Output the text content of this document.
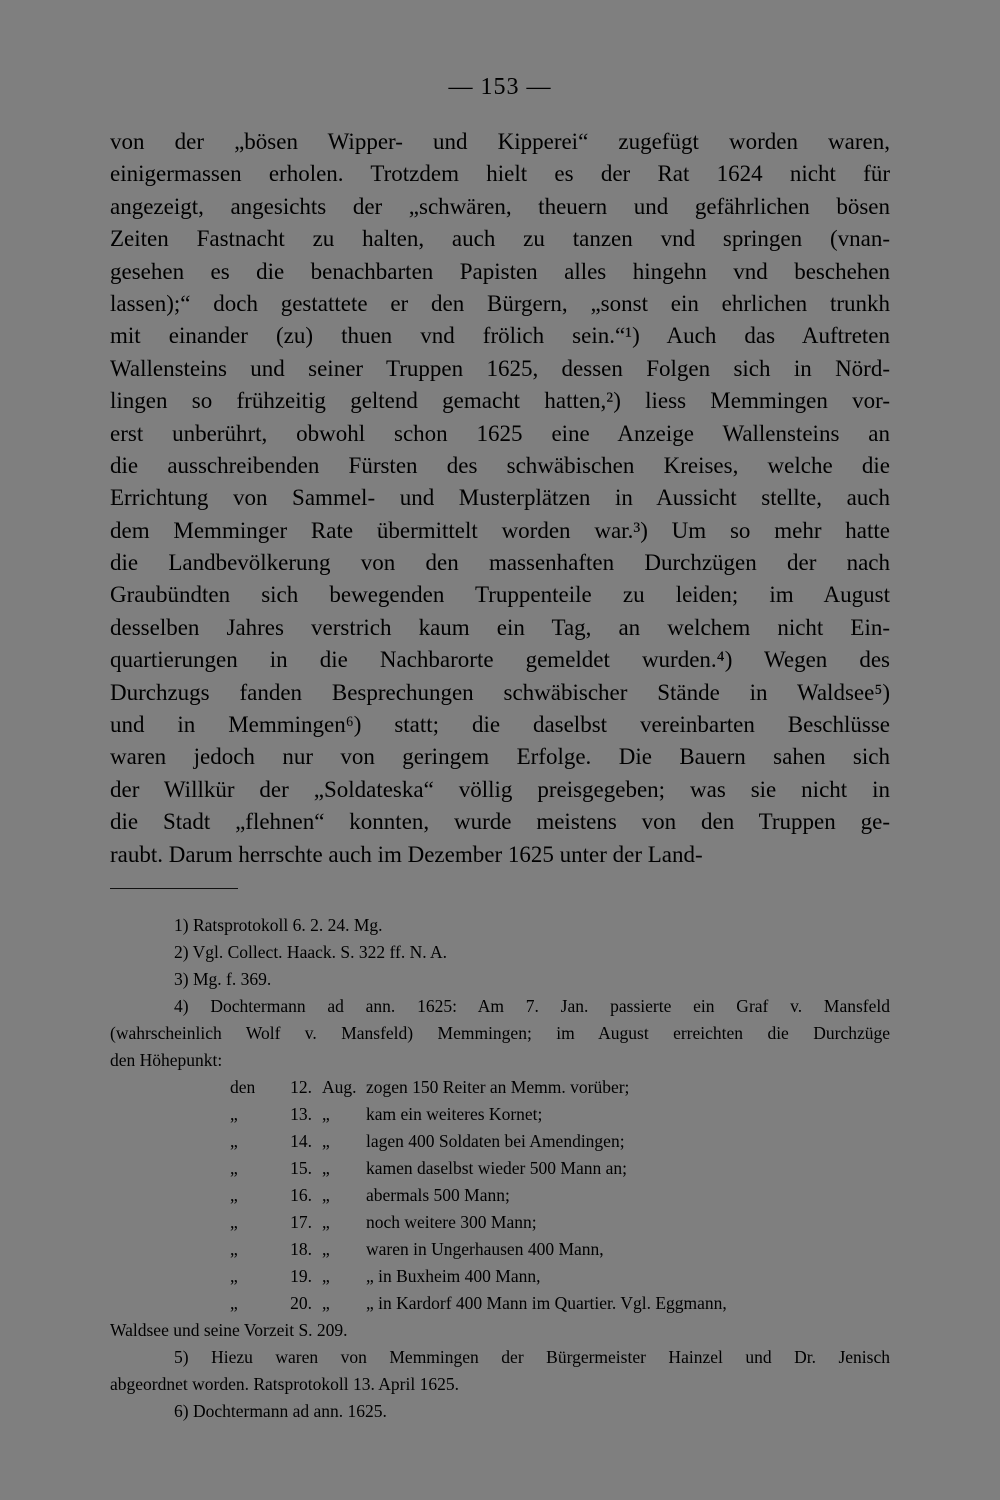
— 153 —
von der „bösen Wipper- und Kipperei“ zugefügt worden waren,
einigermassen erholen. Trotzdem hielt es der Rat 1624 nicht für
angezeigt, angesichts der „schwären, theuern und gefährlichen bösen
Zeiten Fastnacht zu halten, auch zu tanzen vnd springen (vnan-
gesehen es die benachbarten Papisten alles hingehn vnd beschehen
lassen);“ doch gestattete er den Bürgern, „sonst ein ehrlichen trunkh
mit einander (zu) thuen vnd frölich sein.“¹) Auch das Auftreten
Wallensteins und seiner Truppen 1625, dessen Folgen sich in Nörd-
lingen so frühzeitig geltend gemacht hatten,²) liess Memmingen vor-
erst unberührt, obwohl schon 1625 eine Anzeige Wallensteins an
die ausschreibenden Fürsten des schwäbischen Kreises, welche die
Errichtung von Sammel- und Musterplätzen in Aussicht stellte, auch
dem Memminger Rate übermittelt worden war.³) Um so mehr hatte
die Landbevölkerung von den massenhaften Durchzügen der nach
Graubündten sich bewegenden Truppenteile zu leiden; im August
desselben Jahres verstrich kaum ein Tag, an welchem nicht Ein-
quartierungen in die Nachbarorte gemeldet wurden.⁴) Wegen des
Durchzugs fanden Besprechungen schwäbischer Stände in Waldsee⁵)
und in Memmingen⁶) statt; die daselbst vereinbarten Beschlüsse
waren jedoch nur von geringem Erfolge. Die Bauern sahen sich
der Willkür der „Soldateska“ völlig preisgegeben; was sie nicht in
die Stadt „flehnen“ konnten, wurde meistens von den Truppen ge-
raubt. Darum herrschte auch im Dezember 1625 unter der Land-
1) Ratsprotokoll 6. 2. 24. Mg.
2) Vgl. Collect. Haack. S. 322 ff. N. A.
3) Mg. f. 369.
4) Dochtermann ad ann. 1625: Am 7. Jan. passierte ein Graf v. Mansfeld
(wahrscheinlich Wolf v. Mansfeld) Memmingen; im August erreichten die Durchzüge
den Höhepunkt:
den	12. Aug. zogen 150 Reiter an Memm. vorüber;
„	13. „	kam ein weiteres Kornet;
„	14. „	lagen 400 Soldaten bei Amendingen;
„	15. „	kamen daselbst wieder 500 Mann an;
„	16. „	abermals 500 Mann;
„	17. „	noch weitere 300 Mann;
„	18. „	waren in Ungerhausen 400 Mann,
„	19. „	„ in Buxheim 400 Mann,
„	20. „	„ in Kardorf 400 Mann im Quartier. Vgl. Eggmann,
Waldsee und seine Vorzeit S. 209.
5) Hiezu waren von Memmingen der Bürgermeister Hainzel und Dr. Jenisch
abgeordnet worden. Ratsprotokoll 13. April 1625.
6) Dochtermann ad ann. 1625.
